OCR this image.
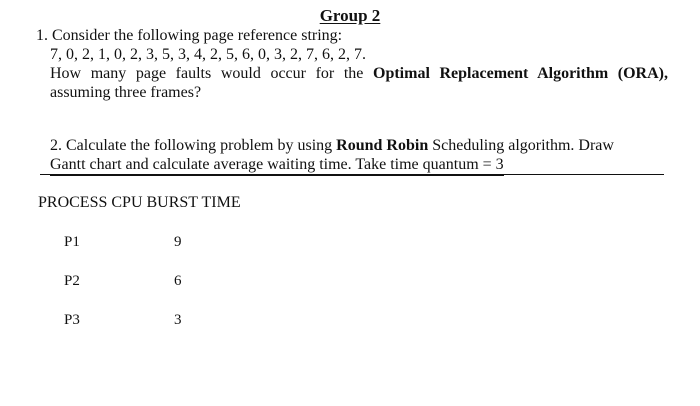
Group 2
1. Consider the following page reference string:
7, 0, 2, 1, 0, 2, 3, 5, 3, 4, 2, 5, 6, 0, 3, 2, 7, 6, 2, 7.
How many page faults would occur for the Optimal Replacement Algorithm (ORA),
assuming three frames?
2. Calculate the following problem by using Round Robin Scheduling algorithm. Draw
Gantt chart and calculate average waiting time. Take time quantum = 3
PROCESS CPU BURST TIME
P1	9
P2	6
P3	3
